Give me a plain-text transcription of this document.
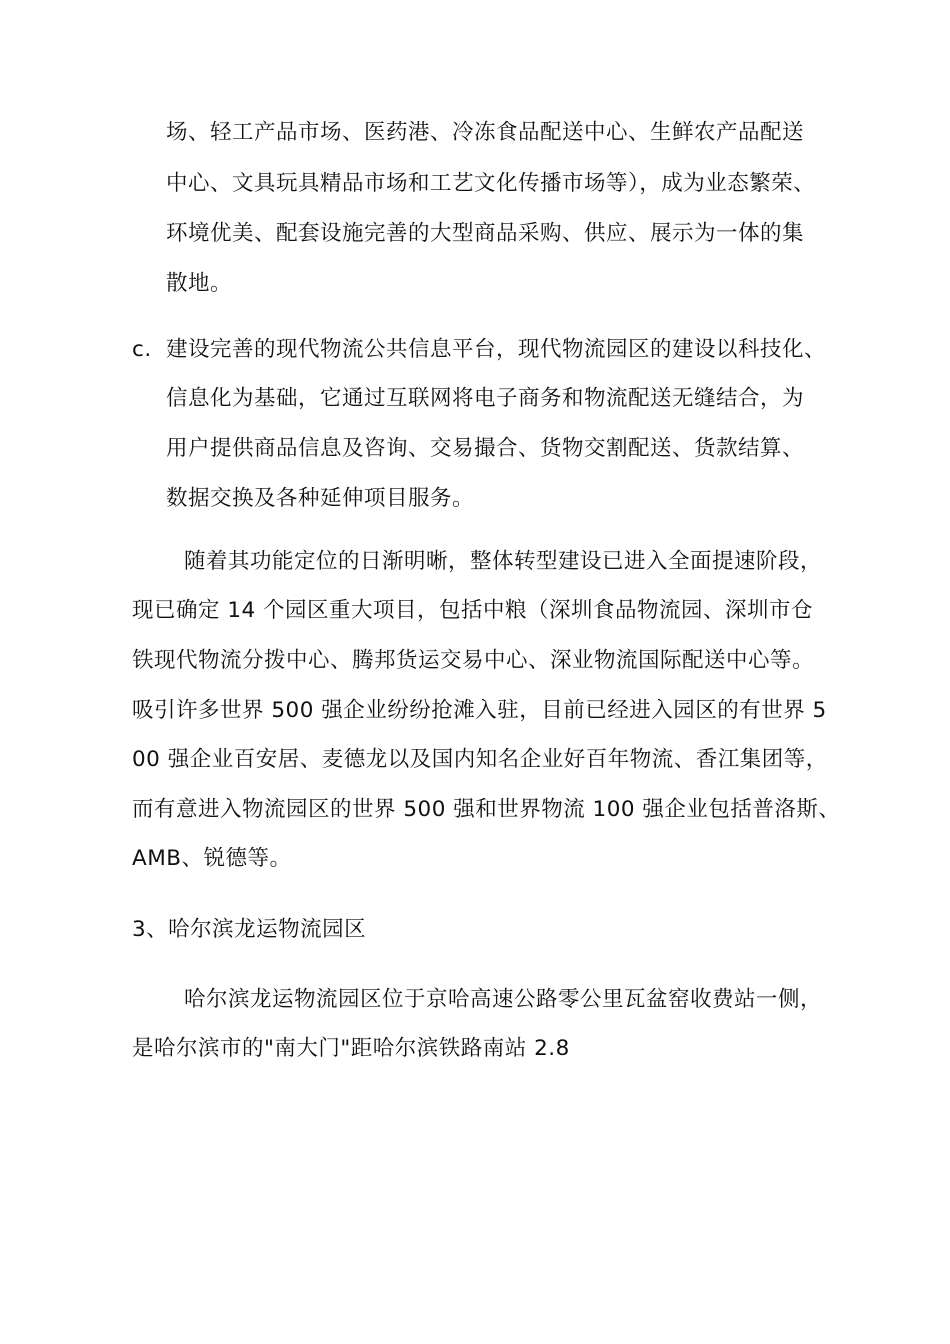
场、轻工产品市场、医药港、冷冻食品配送中心、生鲜农产品配送
中心、文具玩具精品市场和工艺文化传播市场等），成为业态繁荣、
环境优美、配套设施完善的大型商品采购、供应、展示为一体的集
散地。
c. 建设完善的现代物流公共信息平台，现代物流园区的建设以科技化、
信息化为基础，它通过互联网将电子商务和物流配送无缝结合，为
用户提供商品信息及咨询、交易撮合、货物交割配送、货款结算、
数据交换及各种延伸项目服务。
随着其功能定位的日渐明晰，整体转型建设已进入全面提速阶段，
现已确定 14 个园区重大项目，包括中粮（深圳食品物流园、深圳市仓
铁现代物流分拨中心、腾邦货运交易中心、深业物流国际配送中心等。
吸引许多世界 500 强企业纷纷抢滩入驻，目前已经进入园区的有世界 5
00 强企业百安居、麦德龙以及国内知名企业好百年物流、香江集团等，
而有意进入物流园区的世界 500 强和世界物流 100 强企业包括普洛斯、
AMB、锐德等。
3、哈尔滨龙运物流园区
哈尔滨龙运物流园区位于京哈高速公路零公里瓦盆窑收费站一侧，
是哈尔滨市的"南大门"距哈尔滨铁路南站 2.8
